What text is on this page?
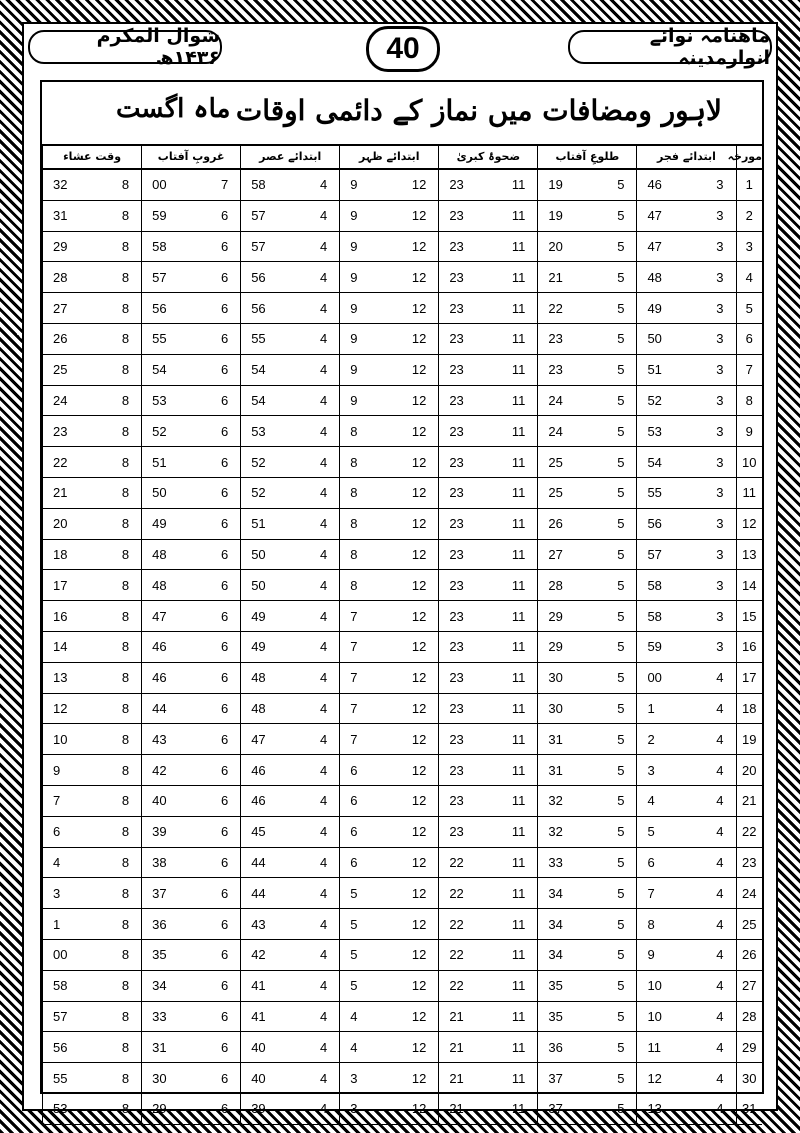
شوال المکرم ۱۴۳۶ھ	40	ماھنامہ نوائے انوارمدینہ
لاہور ومضافات میں نماز کے دائمی اوقات
ماہ اگست
مورخہ	ابتدائے فجر		طلوعِ آفتاب		ضحوۂ کبریٰ		ابتدائے ظہر		ابتدائے عصر		غروبِ آفتاب		وقت عشاء	
1	3	46	5	19	11	23	12	9	4	58	7	00	8	32
2	3	47	5	19	11	23	12	9	4	57	6	59	8	31
3	3	47	5	20	11	23	12	9	4	57	6	58	8	29
4	3	48	5	21	11	23	12	9	4	56	6	57	8	28
5	3	49	5	22	11	23	12	9	4	56	6	56	8	27
6	3	50	5	23	11	23	12	9	4	55	6	55	8	26
7	3	51	5	23	11	23	12	9	4	54	6	54	8	25
8	3	52	5	24	11	23	12	9	4	54	6	53	8	24
9	3	53	5	24	11	23	12	8	4	53	6	52	8	23
10	3	54	5	25	11	23	12	8	4	52	6	51	8	22
11	3	55	5	25	11	23	12	8	4	52	6	50	8	21
12	3	56	5	26	11	23	12	8	4	51	6	49	8	20
13	3	57	5	27	11	23	12	8	4	50	6	48	8	18
14	3	58	5	28	11	23	12	8	4	50	6	48	8	17
15	3	58	5	29	11	23	12	7	4	49	6	47	8	16
16	3	59	5	29	11	23	12	7	4	49	6	46	8	14
17	4	00	5	30	11	23	12	7	4	48	6	46	8	13
18	4	1	5	30	11	23	12	7	4	48	6	44	8	12
19	4	2	5	31	11	23	12	7	4	47	6	43	8	10
20	4	3	5	31	11	23	12	6	4	46	6	42	8	9
21	4	4	5	32	11	23	12	6	4	46	6	40	8	7
22	4	5	5	32	11	23	12	6	4	45	6	39	8	6
23	4	6	5	33	11	22	12	6	4	44	6	38	8	4
24	4	7	5	34	11	22	12	5	4	44	6	37	8	3
25	4	8	5	34	11	22	12	5	4	43	6	36	8	1
26	4	9	5	34	11	22	12	5	4	42	6	35	8	00
27	4	10	5	35	11	22	12	5	4	41	6	34	8	58
28	4	10	5	35	11	21	12	4	4	41	6	33	8	57
29	4	11	5	36	11	21	12	4	4	40	6	31	8	56
30	4	12	5	37	11	21	12	3	4	40	6	30	8	55
31	4	13	5	37	11	21	12	3	4	39	6	29	8	53
